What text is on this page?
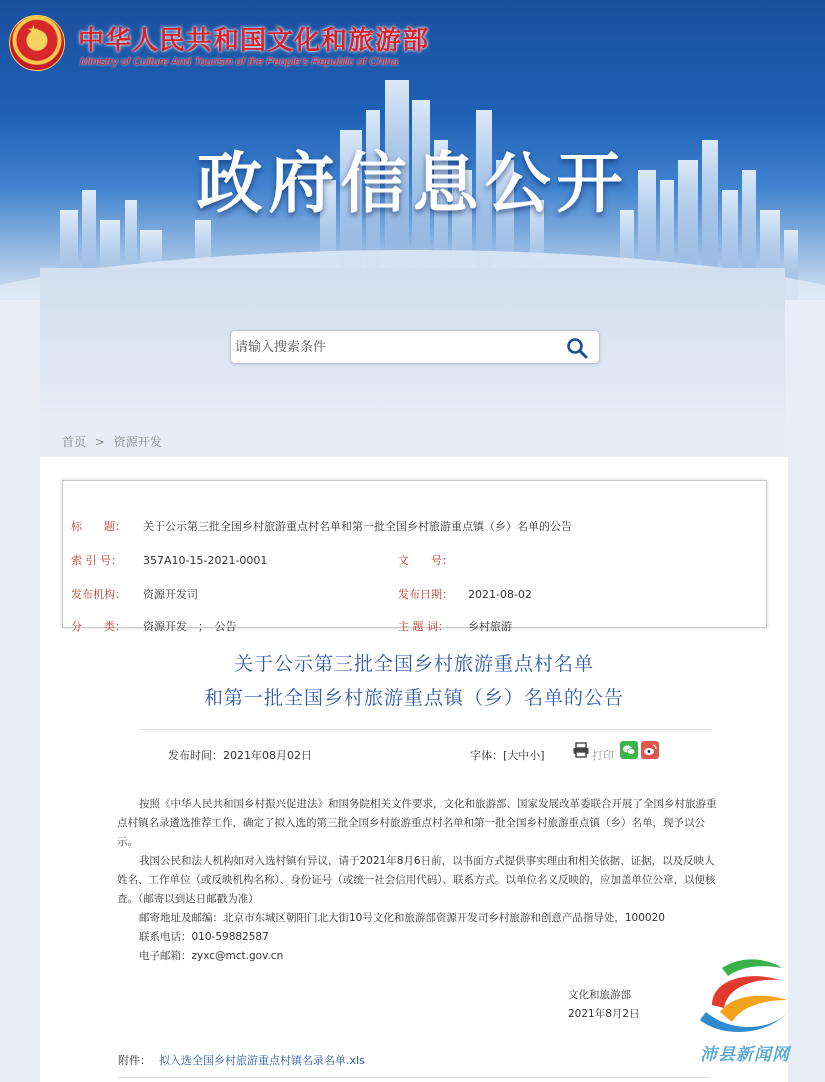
★ 中华人民共和国文化和旅游部
Ministry of Culture And Tourism of the People’s Republic of China
政府信息公开
请输入搜索条件
首页 > 资源开发
标　　题： 关于公示第三批全国乡村旅游重点村名单和第一批全国乡村旅游重点镇（乡）名单的公告
索 引 号： 357A10-15-2021-0001	文　　号：
发布机构： 资源开发司	发布日期： 2021-08-02
分　　类： 资源开发　；　公告	主 题 词： 乡村旅游
关于公示第三批全国乡村旅游重点村名单
和第一批全国乡村旅游重点镇（乡）名单的公告
发布时间：2021年08月02日	字体：[大中小]	打印

按照《中华人民共和国乡村振兴促进法》和国务院相关文件要求，文化和旅游部、国家发展改革委联合开展了全国乡村旅游重点村镇名录遴选推荐工作，确定了拟入选的第三批全国乡村旅游重点村名单和第一批全国乡村旅游重点镇（乡）名单，现予以公示。

我国公民和法人机构如对入选村镇有异议，请于2021年8月6日前，以书面方式提供事实理由和相关依据、证据，以及反映人姓名、工作单位（或反映机构名称）、身份证号（或统一社会信用代码）、联系方式。以单位名义反映的，应加盖单位公章，以便核查。（邮寄以到达日邮戳为准）

邮寄地址及邮编：北京市东城区朝阳门北大街10号文化和旅游部资源开发司乡村旅游和创意产品指导处，100020

联系电话：010-59882587

电子邮箱：zyxc@mct.gov.cn

文化和旅游部
2021年8月2日
附件： 拟入选全国乡村旅游重点村镇名录名单.xls	沛县新闻网
